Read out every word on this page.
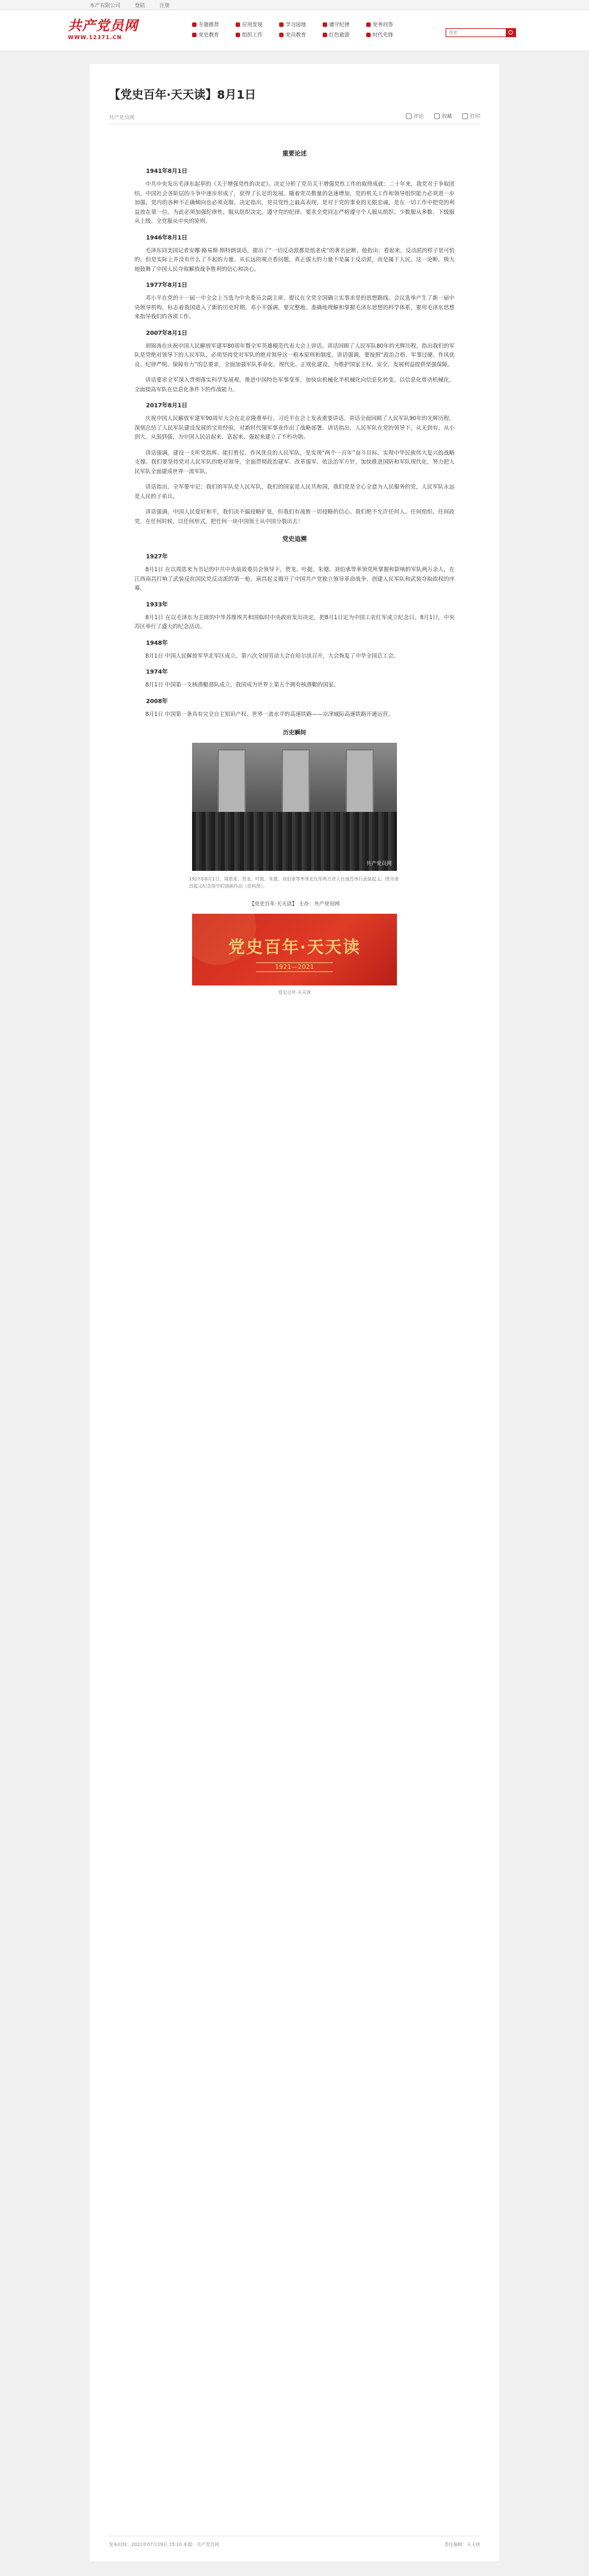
本产有限公司	登陆	注册
共产党员网
WWW.12371.CN
专题推荐	应用发现	学习园地	遵守纪律	党务问答
党史教育	组织工作	党员教育	红色旅游	时代先锋	搜索
【党史百年·天天读】8月1日
共产党员网	评论	收藏	打印
重要论述
1941年8月1日
中共中央发出毛泽东起草的《关于增强党性的决定》。决定分析了党员关于增强党性工作的取得成就：二十年来，我党对于争取团结，中国社会各阶层的斗争中逐步形成了，获得了长足的发展。随着党员数量的急速增加，党的机关工作和领导组织能力必须进一步加强，党内的各种不正确倾向也必须克服。决定指出，党员党性之最高表现，是对于党的事业的无限忠诚，是在一切工作中把党的利益放在第一位。为此必须加强纪律性，服从组织决定，遵守党的纪律。要求全党同志严格遵守个人服从组织、少数服从多数、下级服从上级、全党服从中央的原则。
1946年8月1日
毛泽东同美国记者安娜·路易斯·斯特朗谈话，提出了“一切反动派都是纸老虎”的著名论断。他指出：看起来，反动派的样子是可怕的，但是实际上并没有什么了不起的力量。从长远的观点看问题，真正强大的力量不是属于反动派，而是属于人民。这一论断，极大地鼓舞了中国人民夺取解放战争胜利的信心和决心。
1977年8月1日
邓小平在党的十一届一中全会上当选为中央委员会副主席，提议在全党全国确立实事求是的思想路线。会议选举产生了新一届中央领导机构，标志着我国进入了新的历史时期。邓小平强调，要完整地、准确地理解和掌握毛泽东思想的科学体系，要用毛泽东思想来指导我们的各项工作。
2007年8月1日
胡锦涛在庆祝中国人民解放军建军80周年暨全军英雄模范代表大会上讲话。讲话回顾了人民军队80年的光辉历程，指出我们的军队是党绝对领导下的人民军队，必须坚持党对军队的绝对领导这一根本原则和制度。讲话强调，要按照“政治合格、军事过硬、作风优良、纪律严明、保障有力”的总要求，全面加强军队革命化、现代化、正规化建设，为维护国家主权、安全、发展利益提供坚强保障。
讲话要求全军深入贯彻落实科学发展观，推进中国特色军事变革，加快由机械化半机械化向信息化转变，以信息化带动机械化，全面提高军队在信息化条件下的作战能力。
2017年8月1日
庆祝中国人民解放军建军90周年大会在北京隆重举行。习近平在会上发表重要讲话。讲话全面回顾了人民军队90年的光辉历程，深刻总结了人民军队建设发展的宝贵经验，对新时代强军事业作出了战略部署。讲话指出，人民军队在党的领导下，从无到有、从小到大、从弱到强，为中国人民站起来、富起来、强起来建立了不朽功勋。
讲话强调，建设一支听党指挥、能打胜仗、作风优良的人民军队，是实现“两个一百年”奋斗目标、实现中华民族伟大复兴的战略支撑。我们要坚持党对人民军队的绝对领导，全面贯彻政治建军、改革强军、依法治军方针，加快推进国防和军队现代化，努力把人民军队全面建成世界一流军队。
讲话指出，全军要牢记：我们的军队是人民军队，我们的国家是人民共和国，我们党是全心全意为人民服务的党，人民军队永远是人民的子弟兵。
讲话强调，中国人民爱好和平，我们决不搞侵略扩张，但我们有战胜一切侵略的信心。我们绝不允许任何人、任何组织、任何政党，在任何时候，以任何形式，把任何一块中国领土从中国分裂出去！
党史追溯
1927年
8月1日 在以周恩来为书记的中共中央前敌委员会领导下，贺龙、叶挺、朱德、刘伯承等率领党所掌握和影响的军队两万余人，在江西南昌打响了武装反抗国民党反动派的第一枪。南昌起义揭开了中国共产党独立领导革命战争、创建人民军队和武装夺取政权的序幕。
1933年
8月1日 在以毛泽东为主席的中华苏维埃共和国临时中央政府发出决定，把8月1日定为中国工农红军成立纪念日。8月1日，中央苏区举行了盛大的纪念活动。
1948年
8月1日 中国人民解放军华北军区成立。第六次全国劳动大会在哈尔滨召开，大会恢复了中华全国总工会。
1974年
8月1日 中国第一支核潜艇部队成立，我国成为世界上第五个拥有核潜艇的国家。
2008年
8月1日 中国第一条具有完全自主知识产权、世界一流水平的高速铁路——京津城际高速铁路开通运营。
历史瞬间
共产党员网
1927年8月1日，周恩来、贺龙、叶挺、朱德、刘伯承等率领北伐军两万余人在南昌举行武装起义。图为南昌起义纪念馆中的油画作品（资料图）。
【党史百年·天天读】 主办：共产党员网
党史百年·天天读
1921—2021
党史百年·天天读
发布时间：2021年07月29日 15:10 来源：共产党员网	责任编辑：天天读
